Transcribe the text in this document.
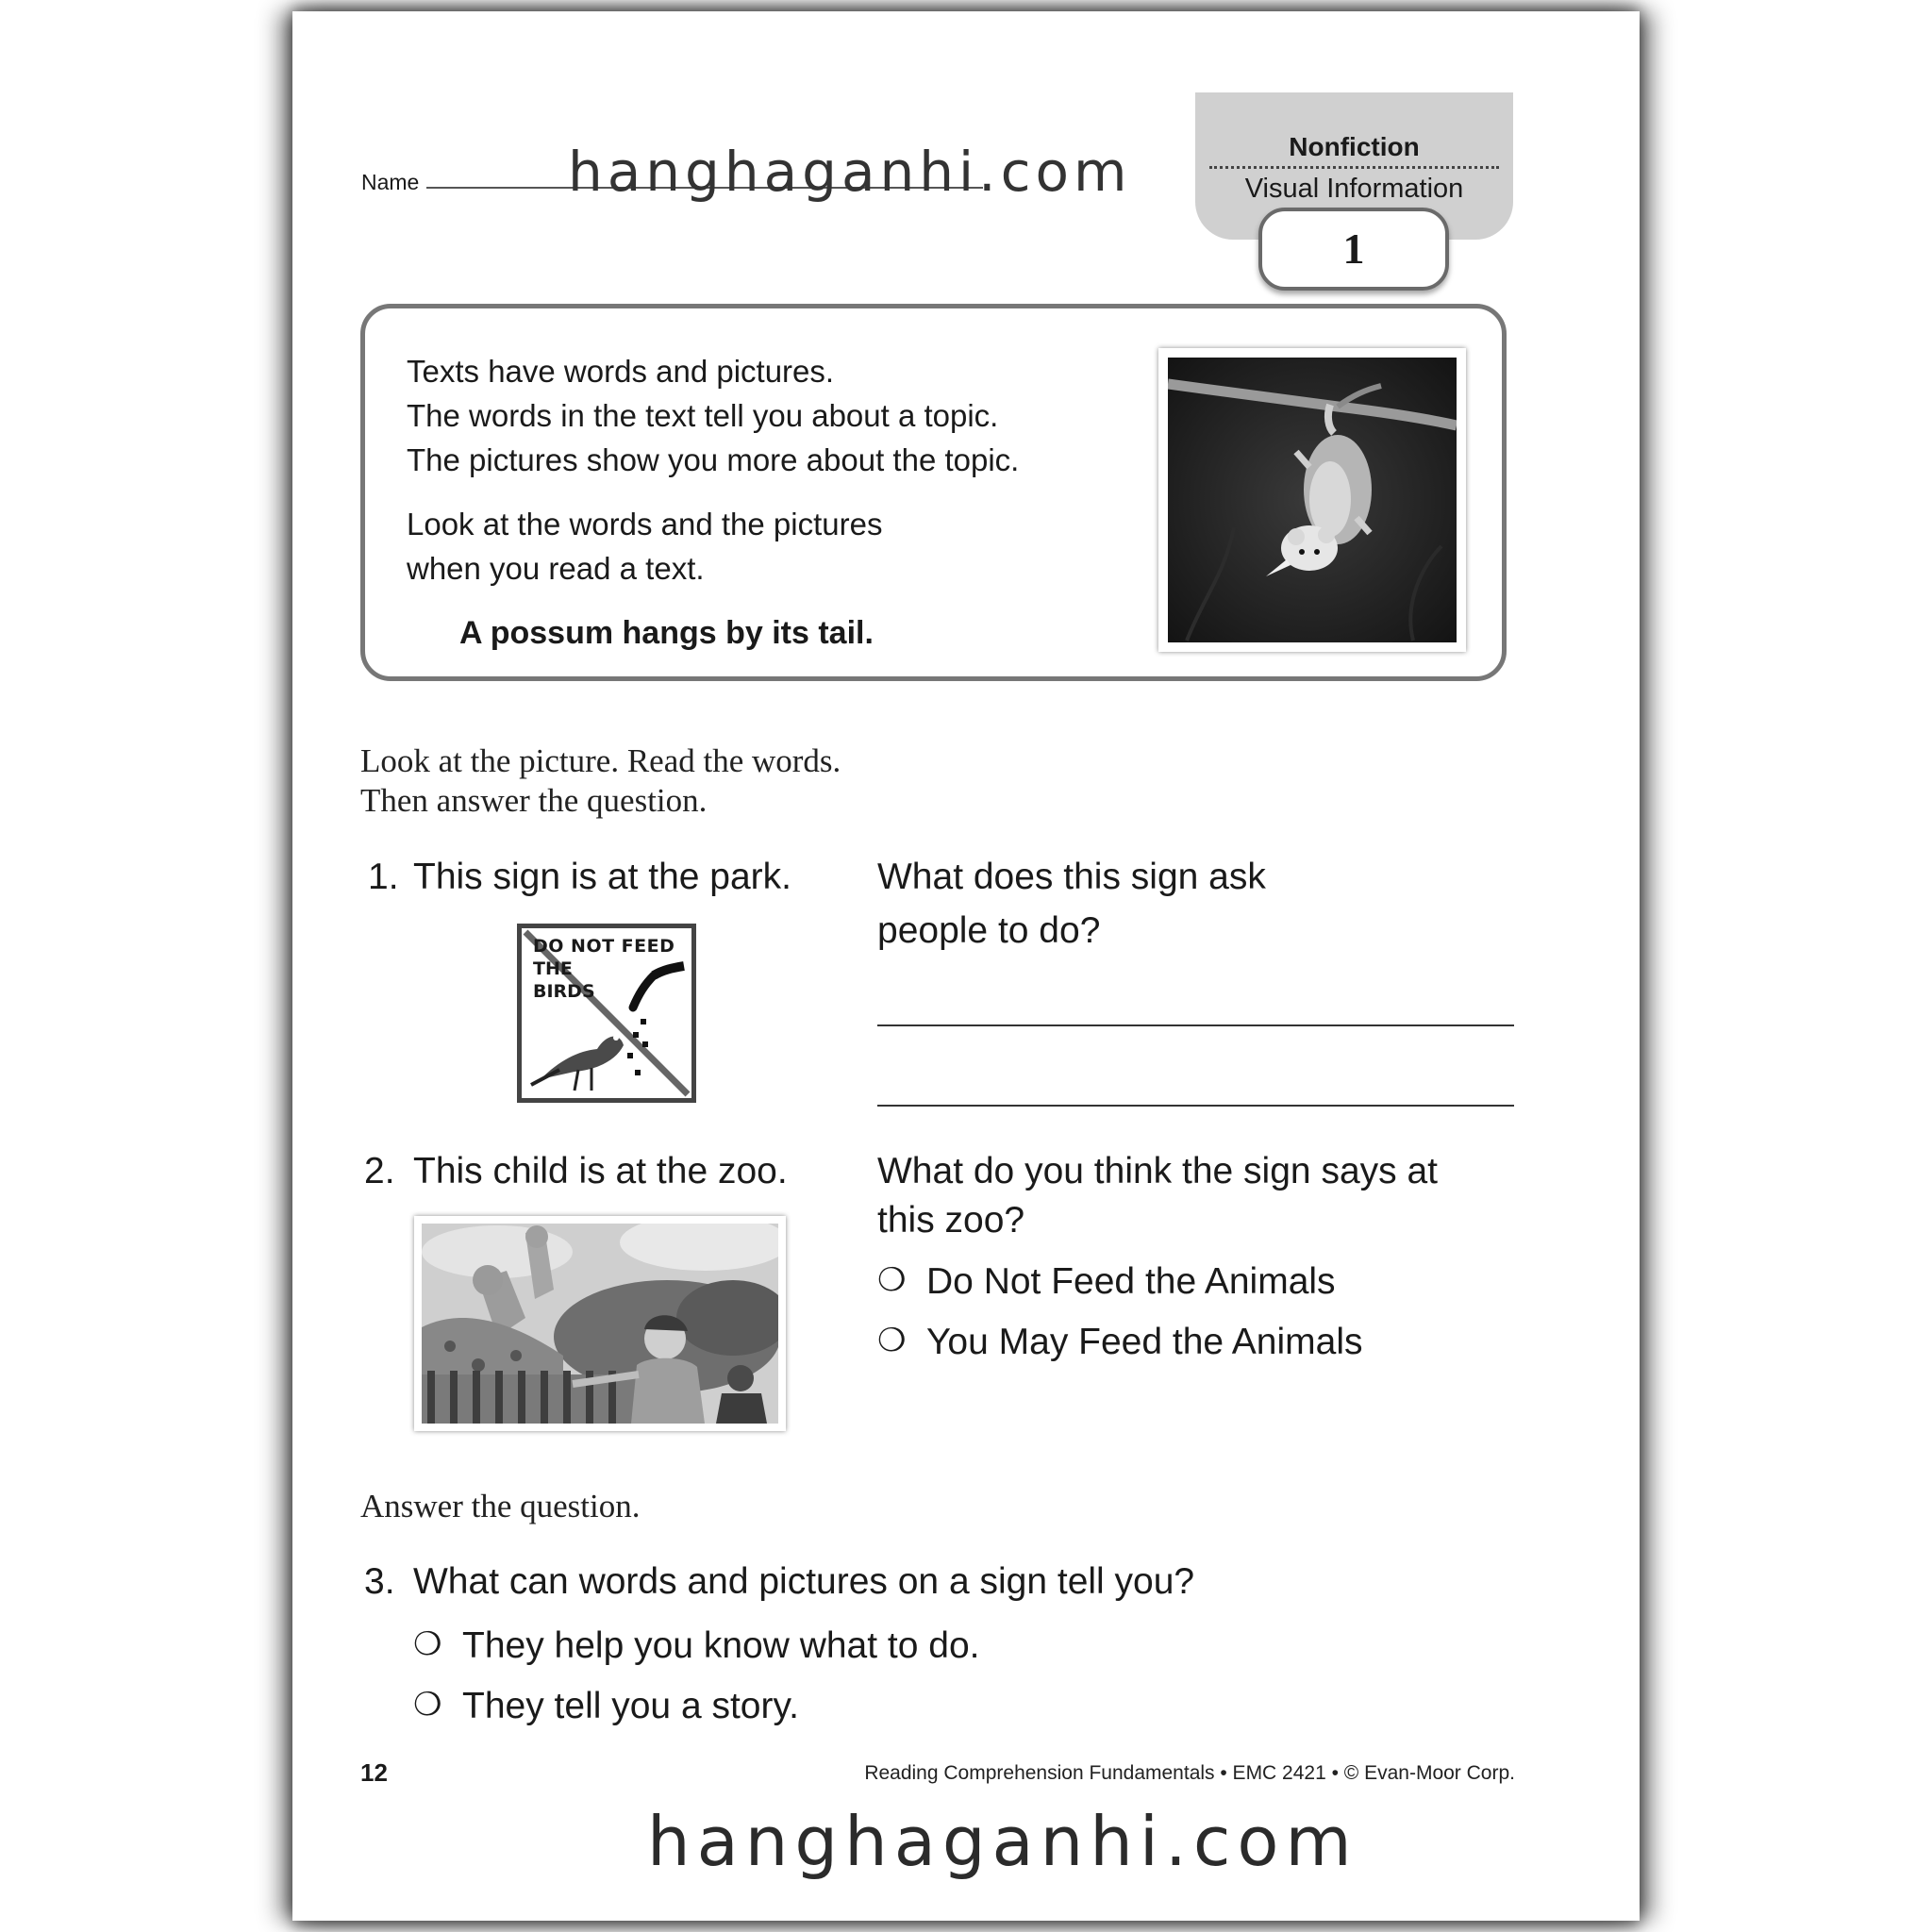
Name	hanghaganhi.com	Nonfiction
Visual Information
1
Texts have words and pictures.
The words in the text tell you about a topic.
The pictures show you more about the topic.
Look at the words and the pictures
when you read a text.
A possum hangs by its tail.
Look at the picture. Read the words.
Then answer the question.
1. This sign is at the park. What does this sign ask
people to do?
DO NOT FEED
THE
BIRDS
2. This child is at the zoo. What do you think the sign says at
this zoo?
❍ Do Not Feed the Animals
❍ You May Feed the Animals
Answer the question.
3. What can words and pictures on a sign tell you?
❍ They help you know what to do.
❍ They tell you a story.
12	Reading Comprehension Fundamentals • EMC 2421 • © Evan-Moor Corp.
hanghaganhi.com
